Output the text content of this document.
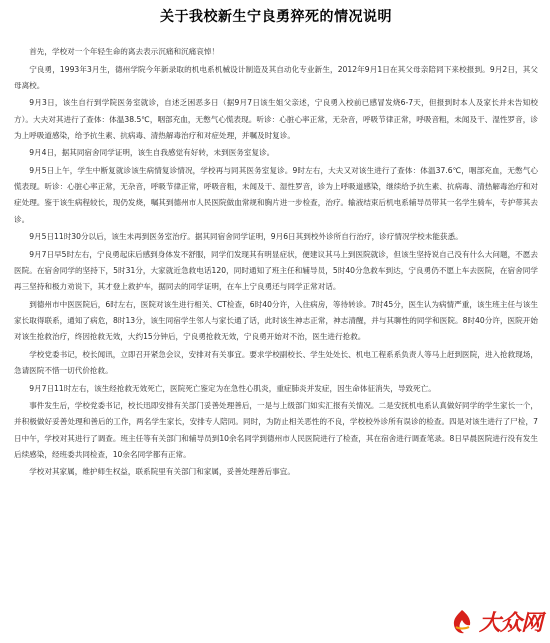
关于我校新生宁良勇猝死的情况说明

首先，学校对一个年轻生命的离去表示沉痛和沉痛哀悼！

宁良勇，1993年3月生，德州学院今年新录取的机电系机械设计制造及其自动化专业新生，2012年9月1日在其父母亲陪同下来校报到。9月2日，其父母离校。

9月3日，该生自行到学院医务室就诊，自述乏困恶多日（据9月7日该生姐父亲述，宁良勇入校前已感冒发烧6-7天，但报到时本人及家长并未告知校方）。大夫对其进行了查体：体温38.5℃，咽部充血，无憋气心慌表现。听诊：心脏心率正常，无杂音，呼吸节律正常，呼吸音粗，未闻及干、湿性罗音，诊为上呼吸道感染，给予抗生素、抗病毒、清热解毒治疗和对症处理，并嘱及时复诊。

9月4日，据其同宿舍同学证明，该生自我感觉有好转，未到医务室复诊。

9月5日上午，学生中断复就诊该生病情复诊情况，学校再与同其医务室复诊。9时左右，大夫又对该生进行了查体：体温37.6℃，咽部充血，无憋气心慌表现。听诊：心脏心率正常，无杂音，呼吸节律正常，呼吸音粗，未闻及干、湿性罗音，诊为上呼吸道感染，继续给予抗生素、抗病毒、清热解毒治疗和对症处理。鉴于该生病程较长，现仍发烧，嘱其到德州市人民医院做血常规和胸片进一步检查，治疗。输液结束后机电系辅导员带其一名学生骑车，专护带其去诊。

9月5日11时30分以后，该生未再到医务室治疗。据其同宿舍同学证明，9月6日其到校外诊所自行治疗，诊疗情况学校未能获悉。

9月7日早5时左右，宁良勇起床后感到身体发不舒服，同学们发现其有明显症状，便建议其马上到医院就诊，但该生坚持说自己没有什么大问题，不愿去医院。在宿舍同学的坚持下，5时31分，大家就近急救电话120，同时通知了班主任和辅导员，5时40分急救车到达，宁良勇仍不愿上车去医院，在宿舍同学再三坚持和极力劝说下，其才登上救护车，据同去的同学证明，在车上宁良勇还与同学正常对话。

到德州市中医医院后，6时左右，医院对该生进行相关、CT检查，6时40分许，入住病房，等待转诊。7时45分，医生认为病情严重，该生班主任与该生家长取得联系，通知了病危，8时13分，该生同宿学生邻人与家长通了话，此时该生神志正常，神志清醒，并与其聊性的同学和医院。8时40分许，医院开始对该生抢救治疗，终因抢救无效，大约15分钟后，宁良勇抢救无效，宁良勇开始对不治，医生进行抢救。

学校党委书记，校长闻讯，立即召开紧急会议，安排对有关事宜。要求学校副校长、学生处处长、机电工程系系负责人等马上赶到医院，进入抢救现场，急请医院不惜一切代价抢救。

9月7日11时左右，该生经抢救无效死亡，医院死亡鉴定为在急性心肌炎，重症肺炎并发症，因生命体征消失，导致死亡。

事件发生后，学校党委书记，校长迅即安排有关部门妥善处理善后，一是与上级部门如实汇报有关情况。二是安抚机电系认真做好同学的学生家长一个，并积极做好妥善处理和善后的工作，两名学生家长，安排专人陪同。同时，为防止相关恶性的不良，学校校外诊所有误诊的检查。四是对该生进行了尸检，7日中午，学校对其进行了调查。班主任等有关部门和辅导员到10余名同学到德州市人民医院进行了检查，其在宿舍进行调查笔录。8日早晨医院进行没有发生后续感染，经班委共同检查，10余名同学都有正常。

学校对其家属，维护师生权益，联系院里有关部门和家属，妥善处理善后事宜。

大众网
